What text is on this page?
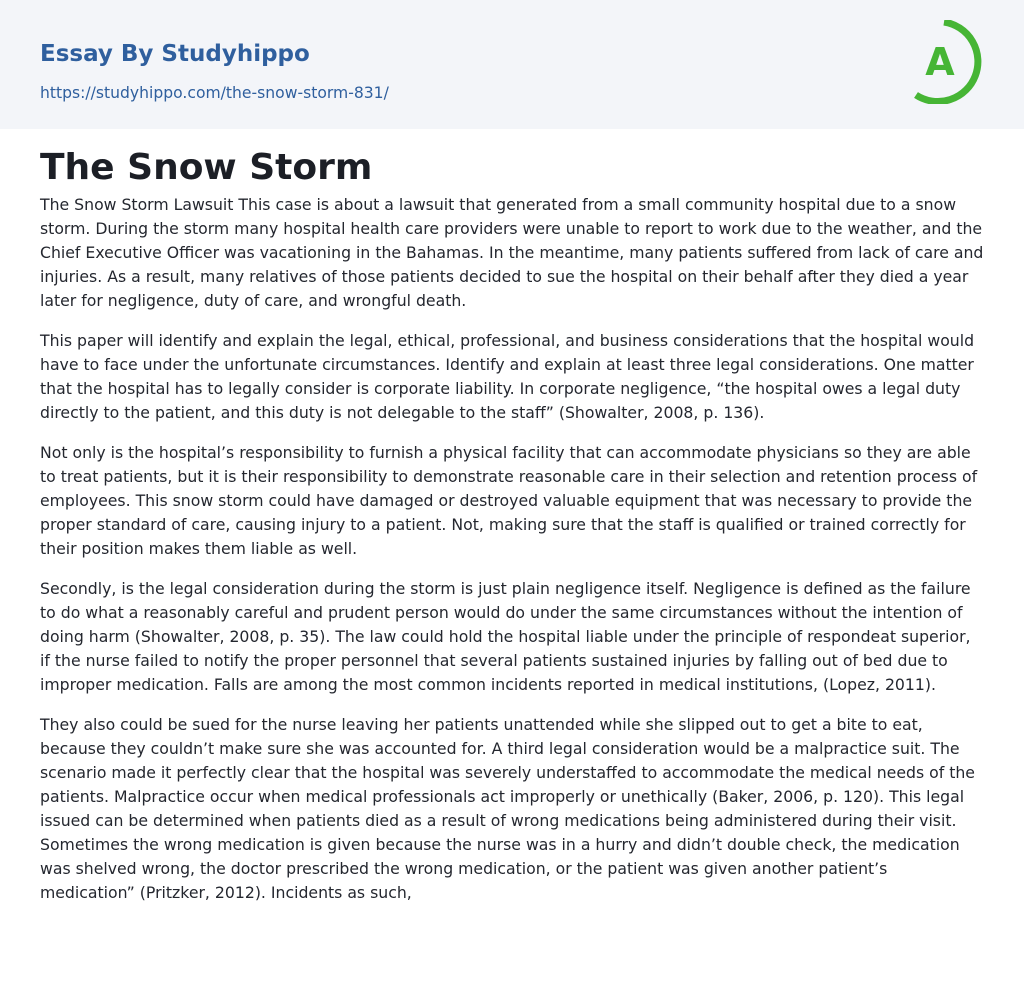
Essay By Studyhippo
https://studyhippo.com/the-snow-storm-831/
A
The Snow Storm

The Snow Storm Lawsuit This case is about a lawsuit that generated from a small community hospital due to a snow storm. During the storm many hospital health care providers were unable to report to work due to the weather, and the Chief Executive Officer was vacationing in the Bahamas. In the meantime, many patients suffered from lack of care and injuries. As a result, many relatives of those patients decided to sue the hospital on their behalf after they died a year later for negligence, duty of care, and wrongful death.

This paper will identify and explain the legal, ethical, professional, and business considerations that the hospital would have to face under the unfortunate circumstances. Identify and explain at least three legal considerations. One matter that the hospital has to legally consider is corporate liability. In corporate negligence, “the hospital owes a legal duty directly to the patient, and this duty is not delegable to the staff” (Showalter, 2008, p. 136).

Not only is the hospital’s responsibility to furnish a physical facility that can accommodate physicians so they are able to treat patients, but it is their responsibility to demonstrate reasonable care in their selection and retention process of employees. This snow storm could have damaged or destroyed valuable equipment that was necessary to provide the proper standard of care, causing injury to a patient. Not, making sure that the staff is qualified or trained correctly for their position makes them liable as well.

Secondly, is the legal consideration during the storm is just plain negligence itself. Negligence is defined as the failure to do what a reasonably careful and prudent person would do under the same circumstances without the intention of doing harm (Showalter, 2008, p. 35). The law could hold the hospital liable under the principle of respondeat superior, if the nurse failed to notify the proper personnel that several patients sustained injuries by falling out of bed due to improper medication. Falls are among the most common incidents reported in medical institutions, (Lopez, 2011).

They also could be sued for the nurse leaving her patients unattended while she slipped out to get a bite to eat, because they couldn’t make sure she was accounted for. A third legal consideration would be a malpractice suit. The scenario made it perfectly clear that the hospital was severely understaffed to accommodate the medical needs of the patients. Malpractice occur when medical professionals act improperly or unethically (Baker, 2006, p. 120). This legal issued can be determined when patients died as a result of wrong medications being administered during their visit. Sometimes the wrong medication is given because the nurse was in a hurry and didn’t double check, the medication was shelved wrong, the doctor prescribed the wrong medication, or the patient was given another patient’s medication” (Pritzker, 2012). Incidents as such,
